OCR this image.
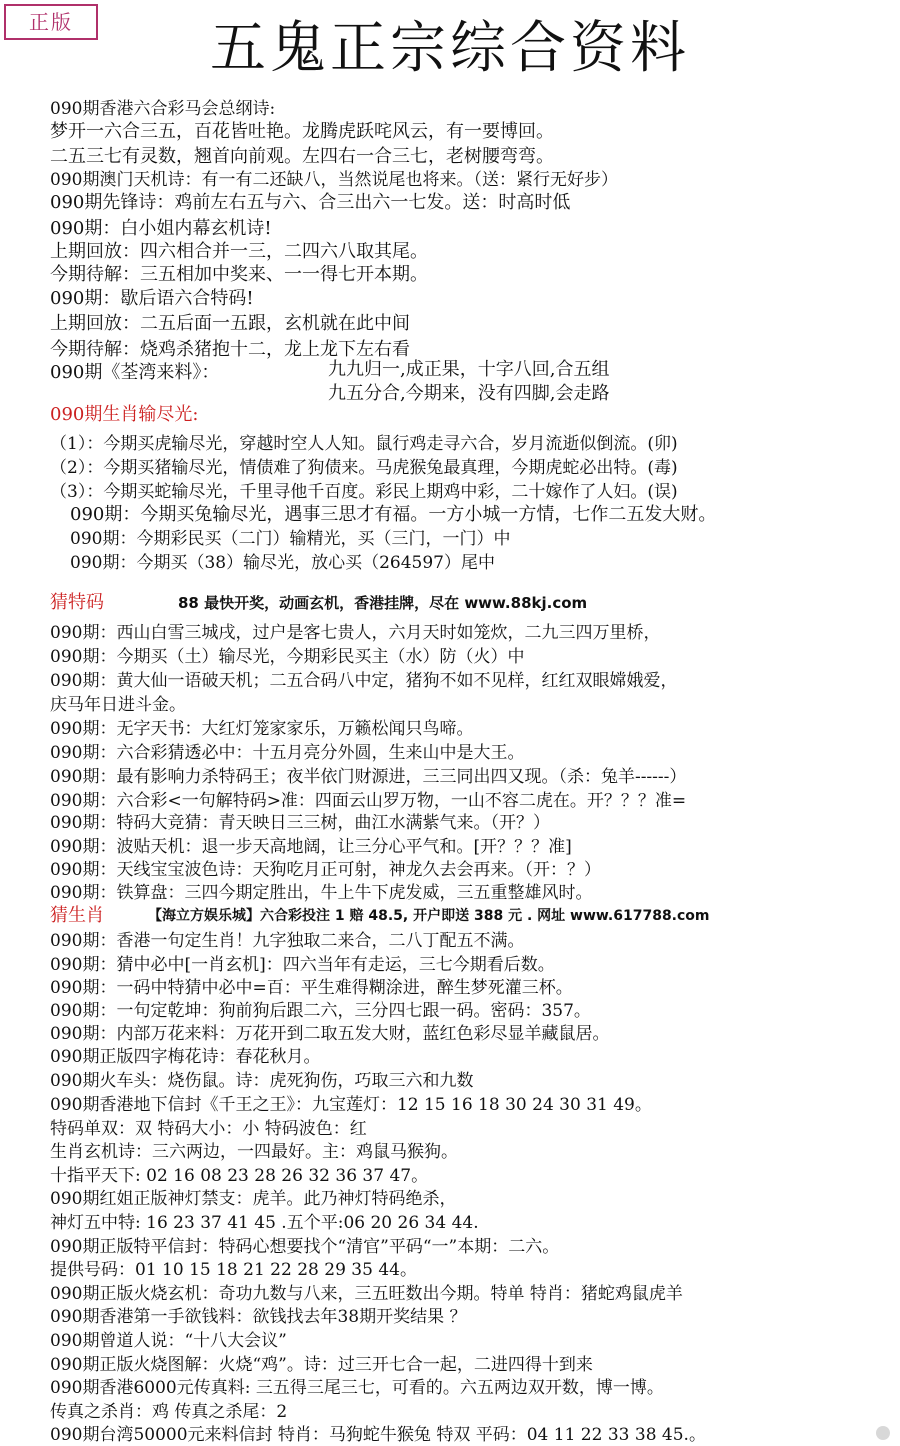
正版	五鬼正宗综合资料
090期香港六合彩马会总纲诗:
梦开一六合三五，百花皆吐艳。龙腾虎跃咤风云，有一要博回。
二五三七有灵数，翘首向前观。左四右一合三七，老树腰弯弯。
090期澳门天机诗：有一有二还缺八，当然说尾也将来。（送：紧行无好步）
090期先锋诗：鸡前左右五与六、合三出六一七发。送：时高时低
090期：白小姐内幕玄机诗!
上期回放：四六相合并一三，二四六八取其尾。
今期待解：三五相加中奖来、一一得七开本期。
090期：歇后语六合特码!
上期回放：二五后面一五跟，玄机就在此中间
今期待解：烧鸡杀猪抱十二，龙上龙下左右看
090期《荃湾来料》：	九九归一,成正果，十字八回,合五组
九五分合,今期来，没有四脚,会走路
090期生肖输尽光:
（1）：今期买虎输尽光，穿越时空人人知。鼠行鸡走寻六合，岁月流逝似倒流。(卯)
（2）：今期买猪输尽光，情债难了狗债来。马虎猴兔最真理，今期虎蛇必出特。(毒)
（3）：今期买蛇输尽光，千里寻他千百度。彩民上期鸡中彩，二十嫁作了人妇。(误)
090期：今期买兔输尽光，遇事三思才有福。一方小城一方情，七作二五发大财。
090期：今期彩民买（二门）输精光，买（三门，一门）中
090期：今期买（38）输尽光，放心买（264597）尾中
猜特码	88 最快开奖，动画玄机，香港挂牌，尽在 www.88kj.com
090期：西山白雪三城戌，过户是客七贵人，六月天时如笼炊，二九三四万里桥，
090期：今期买（土）输尽光，今期彩民买主（水）防（火）中
090期：黄大仙一语破天机；二五合码八中定，猪狗不如不见样，红红双眼嫦娥爱，
庆马年日进斗金。
090期：无字天书：大红灯笼家家乐，万籁松闻只鸟啼。
090期：六合彩猜透必中：十五月亮分外圆，生来山中是大王。
090期：最有影响力杀特码王；夜半依门财源进，三三同出四又现。（杀：兔羊------）
090期：六合彩<一句解特码>准：四面云山罗万物，一山不容二虎在。开？？？准=
090期：特码大竞猜：青天映日三三树，曲江水满紫气来。（开？）
090期：波贴天机：退一步天高地阔，让三分心平气和。[开？？？准]
090期：天线宝宝波色诗：天狗吃月正可射，神龙久去会再来。（开：？）
090期：铁算盘：三四今期定胜出，牛上牛下虎发威，三五重整雄风时。
猜生肖	【海立方娱乐城】六合彩投注 1 赔 48.5, 开户即送 388 元 . 网址 www.617788.com
090期：香港一句定生肖！九字独取二来合，二八丁配五不满。
090期：猜中必中[一肖玄机]：四六当年有走运，三七今期看后数。
090期：一码中特猜中必中=百：平生难得糊涂进，醉生梦死灌三杯。
090期：一句定乾坤：狗前狗后跟二六，三分四七跟一码。密码：357。
090期：内部万花来料：万花开到二取五发大财，蓝红色彩尽显羊藏鼠居。
090期正版四字梅花诗：春花秋月。
090期火车头：烧伤鼠。诗：虎死狗伤，巧取三六和九数
090期香港地下信封《千王之王》：九宝莲灯：12 15 16 18 30 24 30 31 49。
特码单双：双 特码大小：小 特码波色：红
生肖玄机诗：三六两边，一四最好。主：鸡鼠马猴狗。
十指平天下: 02 16 08 23 28 26 32 36 37 47。
090期红姐正版神灯禁支：虎羊。此乃神灯特码绝杀，
神灯五中特: 16 23 37 41 45 .五个平:06 20 26 34 44.
090期正版特平信封：特码心想要找个“清官”平码“一”本期：二六。
提供号码：01 10 15 18 21 22 28 29 35 44。
090期正版火烧玄机：奇功九数与八来，三五旺数出今期。特单 特肖：猪蛇鸡鼠虎羊
090期香港第一手欲钱料：欲钱找去年38期开奖结果 ？
090期曾道人说：“十八大会议”
090期正版火烧图解：火烧“鸡”。诗：过三开七合一起，二进四得十到来
090期香港6000元传真料: 三五得三尾三七，可看的。六五两边双开数，博一博。
传真之杀肖：鸡 传真之杀尾：2
090期台湾50000元来料信封 特肖：马狗蛇牛猴兔 特双 平码：04 11 22 33 38 45.。
